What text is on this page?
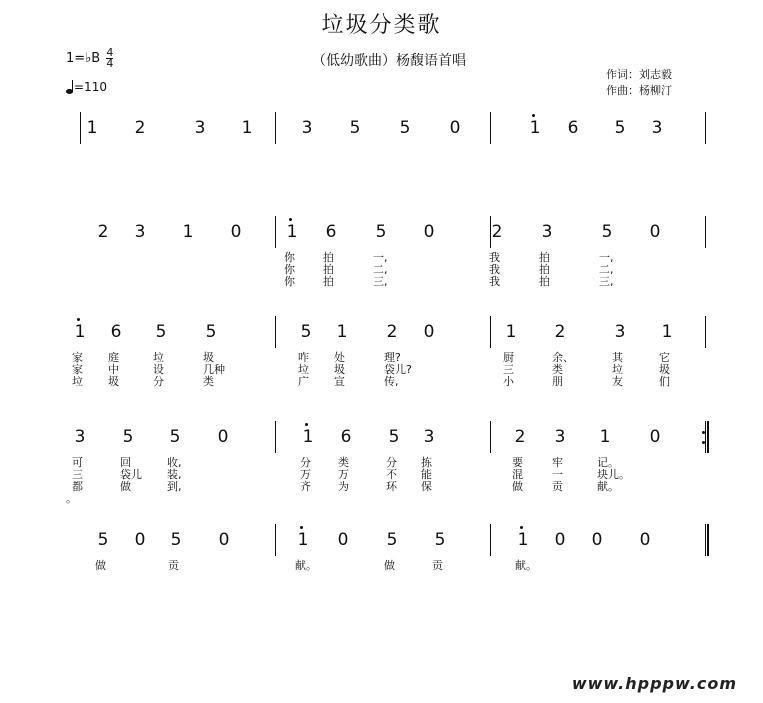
垃圾分类歌
（低幼歌曲）杨馥语首唱
作词：刘志毅
作曲：杨柳汀
1=♭B $\frac{4}{4}$
=110
1 2	3 1	3 5 5 0	1 6 5 3
2 3 1 0	1 6 5 0	2 3	5 0
你	拍	一,	我	拍	一,
你	拍	二,	我	拍	二,
你	拍	三,	我	拍	三,
1 6 5 5	5 1 2 0	1 2	3 1
家 庭	垃	圾	咋 处	理?	厨	余、	其	它
家 中	设	几种	垃 圾	袋儿?	三	类	垃	圾
垃 圾	分	类	广 宣	传,	小	朋	友	们
3 5 5 0	1 6 5 3	2 3 1 0
可	回	收,	分 类	分 拣	要	牢	记。
三	袋儿 装,	万 万	不 能	混	一	块儿。
都	做	到,	齐 为	环 保	做	贡	献。
。
5 0 5 0	1 0 5 5	1 0 0 0
做	贡	献。	做	贡	献。
www.hpppw.com
